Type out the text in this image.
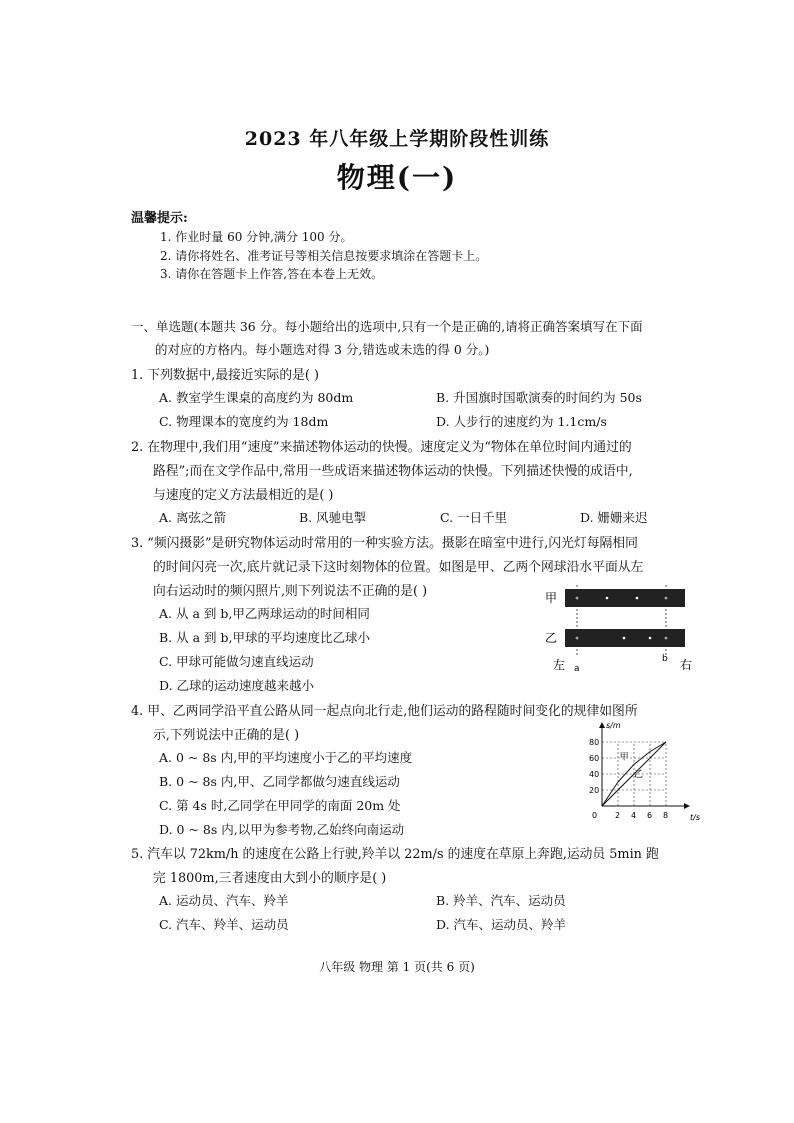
2023 年八年级上学期阶段性训练
物理(一)
温馨提示:
1. 作业时量 60 分钟,满分 100 分。
2. 请你将姓名、准考证号等相关信息按要求填涂在答题卡上。
3. 请你在答题卡上作答,答在本卷上无效。
一、单选题(本题共 36 分。每小题给出的选项中,只有一个是正确的,请将正确答案填写在下面
的对应的方格内。每小题选对得 3 分,错选或未选的得 0 分。)
1. 下列数据中,最接近实际的是( )
A. 教室学生课桌的高度约为 80dm	B. 升国旗时国歌演奏的时间约为 50s
C. 物理课本的宽度约为 18dm	D. 人步行的速度约为 1.1cm/s
2. 在物理中,我们用“速度”来描述物体运动的快慢。速度定义为“物体在单位时间内通过的
路程”;而在文学作品中,常用一些成语来描述物体运动的快慢。下列描述快慢的成语中,
与速度的定义方法最相近的是( )
A. 离弦之箭	B. 风驰电掣	C. 一日千里	D. 姗姗来迟
3. “频闪摄影”是研究物体运动时常用的一种实验方法。摄影在暗室中进行,闪光灯每隔相同
的时间闪亮一次,底片就记录下这时刻物体的位置。如图是甲、乙两个网球沿水平面从左
向右运动时的频闪照片,则下列说法不正确的是( )
A. 从 a 到 b,甲乙两球运动的时间相同
B. 从 a 到 b,甲球的平均速度比乙球小
C. 甲球可能做匀速直线运动
D. 乙球的运动速度越来越小
甲
乙
左 a
b 右
4. 甲、乙两同学沿平直公路从同一起点向北行走,他们运动的路程随时间变化的规律如图所
示,下列说法中正确的是( )
A. 0 ~ 8s 内,甲的平均速度小于乙的平均速度
B. 0 ~ 8s 内,甲、乙同学都做匀速直线运动
C. 第 4s 时,乙同学在甲同学的南面 20m 处
D. 0 ~ 8s 内,以甲为参考物,乙始终向南运动
0 2 4 6 8
20
40
60
80
t/s
s/m
甲
乙
5. 汽车以 72km/h 的速度在公路上行驶,羚羊以 22m/s 的速度在草原上奔跑,运动员 5min 跑
完 1800m,三者速度由大到小的顺序是( )
A. 运动员、汽车、羚羊	B. 羚羊、汽车、运动员
C. 汽车、羚羊、运动员	D. 汽车、运动员、羚羊
八年级 物理 第 1 页(共 6 页)
